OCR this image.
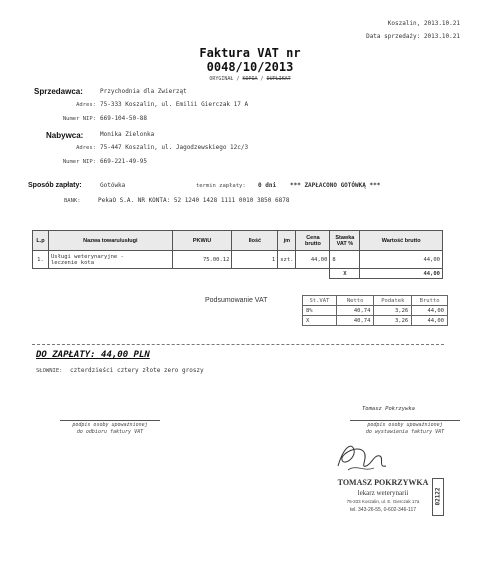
Koszalin, 2013.10.21
Data sprzedaży: 2013.10.21
Faktura VAT nr
0048/10/2013
ORYGINAŁ / KOPIA / DUPLIKAT
Sprzedawca:	Przychodnia dla Zwierząt
Adres: 75-333 Koszalin, ul. Emilii Gierczak 17 A
Numer NIP: 669-104-50-88
Nabywca:	Monika Zielonka
Adres: 75-447 Koszalin, ul. Jagodzewskiego 12c/3
Numer NIP: 669-221-49-95
Sposób zapłaty:	Gotówka	termin zapłaty: 0 dni *** ZAPŁACONO GOTÓWKĄ ***
BANK:	PekaO S.A. NR KONTA: 52 1240 1428 1111 0010 3850 6878
L.p	Nazwa towaru/usługi	PKWiU	Ilość	jm	Cena brutto	Stawka VAT %	Wartość brutto
1.	Usługi weterynaryjne -
leczenie kota	75.00.12	1	szt.	44,00	8	44,00
						X	44,00
Podsumowanie VAT	St.VAT	Netto	Podatek	Brutto
8%	40,74	3,26	44,00
X	40,74	3,26	44,00
DO ZAPŁATY: 44,00 PLN
SŁOWNIE: czterdzieści cztery złote zero groszy
podpis osoby upoważnionej
do odbioru faktury VAT
Tomasz Pokrzywka
podpis osoby upoważnionej
do wystawienia faktury VAT
TOMASZ POKRZYWKA
lekarz weterynarii
75-333 Koszalin, ul. E. Gierczak 17a
tel. 343-26-55, 0-602-346-117
02122
